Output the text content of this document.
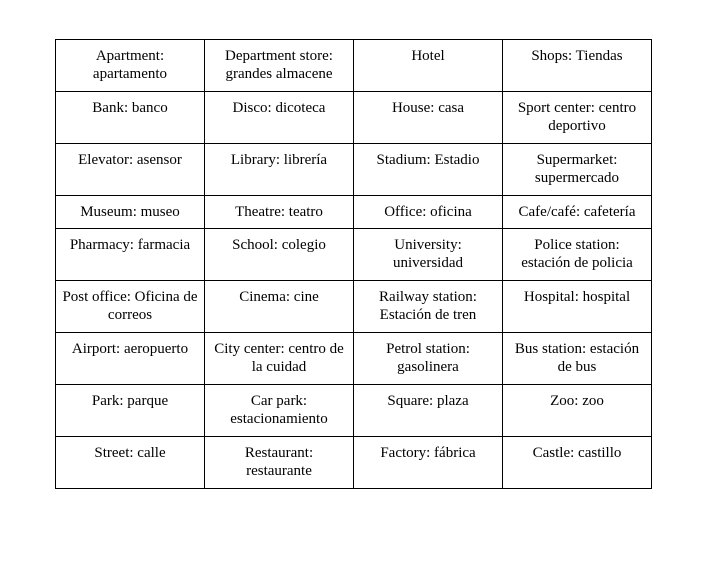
Apartment: apartamento	Department store: grandes almacene	Hotel	Shops: Tiendas
Bank: banco	Disco: dicoteca	House: casa	Sport center: centro deportivo
Elevator: asensor	Library: librería	Stadium: Estadio	Supermarket: supermercado
Museum: museo	Theatre: teatro	Office: oficina	Cafe/café: cafetería
Pharmacy: farmacia	School: colegio	University: universidad	Police station: estación de policia
Post office: Oficina de correos	Cinema: cine	Railway station: Estación de tren	Hospital: hospital
Airport: aeropuerto	City center: centro de la cuidad	Petrol station: gasolinera	Bus station: estación de bus
Park: parque	Car park: estacionamiento	Square: plaza	Zoo: zoo
Street: calle	Restaurant: restaurante	Factory: fábrica	Castle: castillo
